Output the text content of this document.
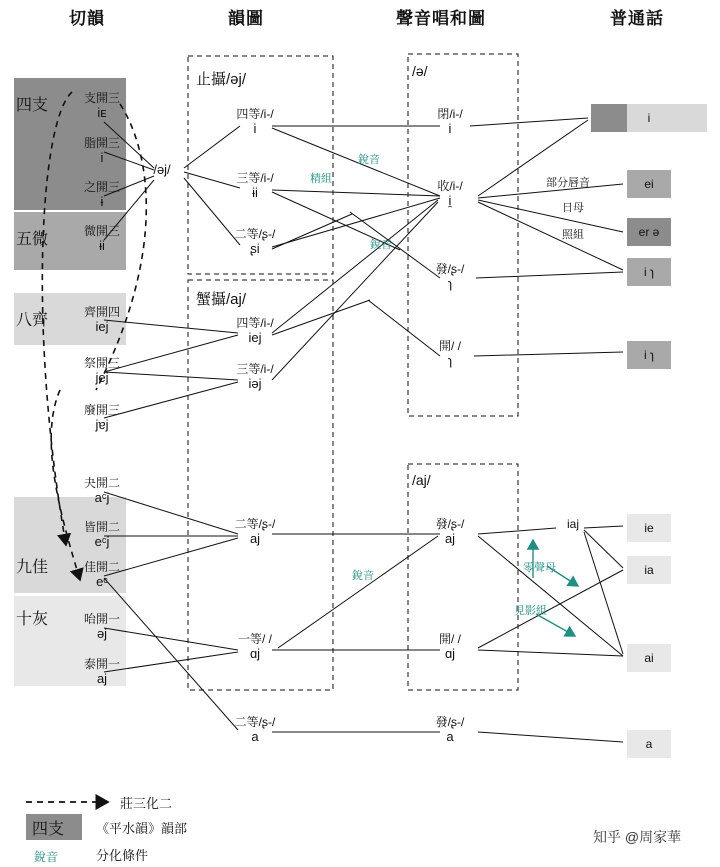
切韻	韻圖	聲音唱和圖	普通話
四支
五微
八齊
九佳
十灰
支開三
iᴇ
脂開三
i
之開三
ɨ
微開三
ɨi
齊開四
iej
祭開三
jej
廢開三
jɐj
夬開二
aᶜj
皆開二
eᶜj
佳開二
eᶜ
咍開一
əj
泰開一
aj
/əj/
止攝/əj/
蟹攝/aj/
四等/i-/
i
三等/i-/
ɨi
二等/ʂ-/
ʂi
四等/i-/
iej
三等/i-/
iəj
二等/ʂ-/
aj
一等/ /
ɑj
二等/ʂ-/
a
/ə/
/aj/
閉/i-/
i
收/i-/
i̯
發/ʂ-/
ɿ
開/ /
ɿ
發/ʂ-/
aj
開/ /
ɑj
發/ʂ-/
a
iaj
銳音
精組
銳音
銳音
零聲母
見影組
部分唇音
日母
照組
i
ei
er ə
i ɿ
i ɿ
ie
ia
ai
a
莊三化二
四支 《平水韻》韻部
銳音	分化條件
知乎 @周家華
